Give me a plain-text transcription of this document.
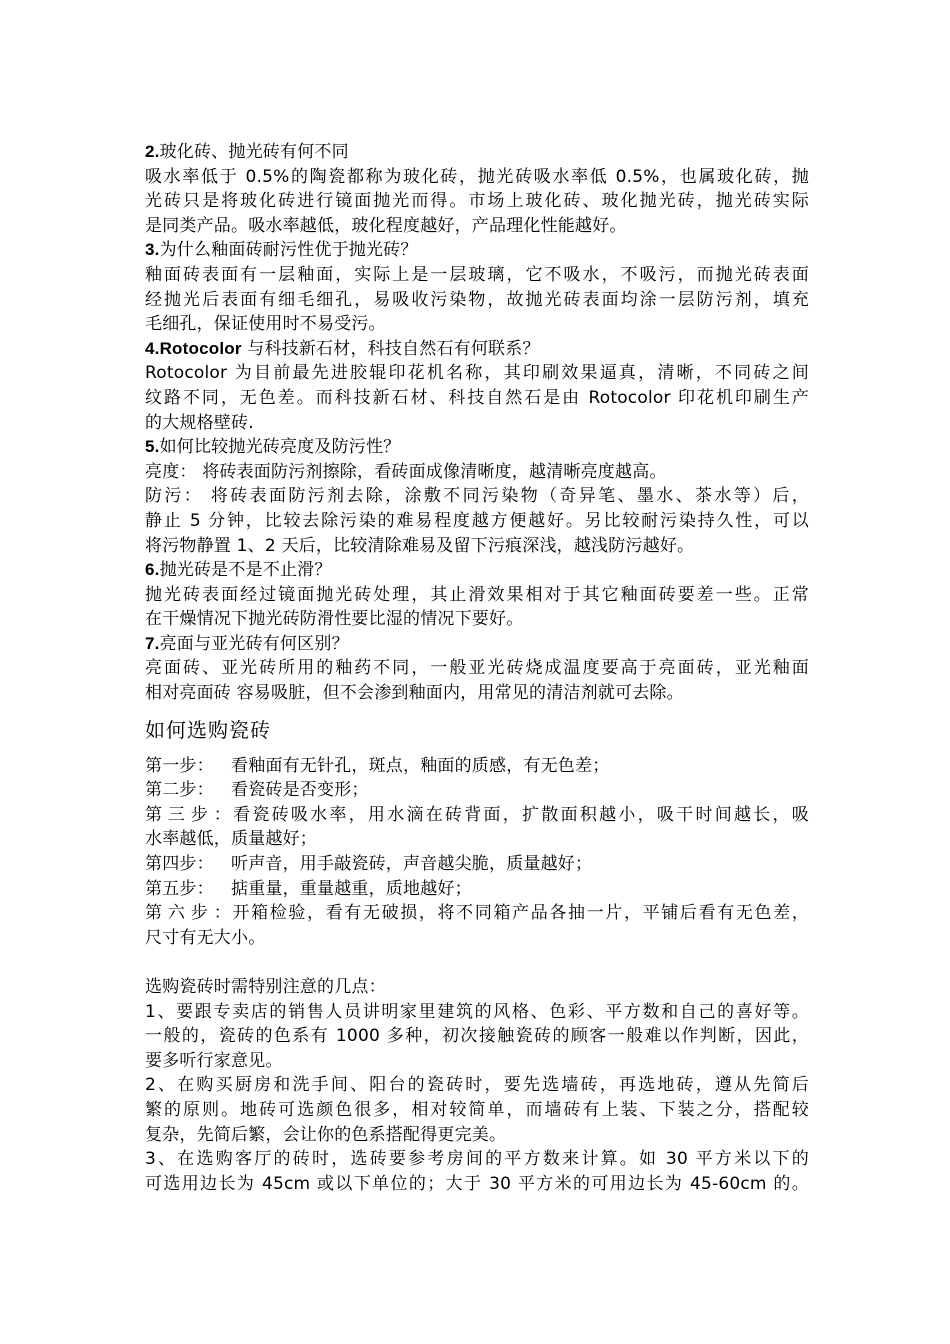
2.玻化砖、抛光砖有何不同
吸水率低于 0.5%的陶瓷都称为玻化砖，抛光砖吸水率低 0.5%，也属玻化砖，抛
光砖只是将玻化砖进行镜面抛光而得。市场上玻化砖、玻化抛光砖，抛光砖实际
是同类产品。吸水率越低，玻化程度越好，产品理化性能越好。
3.为什么釉面砖耐污性优于抛光砖？
釉面砖表面有一层釉面，实际上是一层玻璃，它不吸水，不吸污，而抛光砖表面
经抛光后表面有细毛细孔，易吸收污染物，故抛光砖表面均涂一层防污剂，填充
毛细孔，保证使用时不易受污。
4.Rotocolor 与科技新石材，科技自然石有何联系？
Rotocolor 为目前最先进胶辊印花机名称，其印刷效果逼真，清晰，不同砖之间
纹路不同，无色差。而科技新石材、科技自然石是由 Rotocolor 印花机印刷生产
的大规格壁砖.
5.如何比较抛光砖亮度及防污性？
亮度： 将砖表面防污剂擦除，看砖面成像清晰度，越清晰亮度越高。
防污： 将砖表面防污剂去除，涂敷不同污染物（奇异笔、墨水、茶水等）后，
静止 5 分钟，比较去除污染的难易程度越方便越好。另比较耐污染持久性，可以
将污物静置 1、2 天后，比较清除难易及留下污痕深浅，越浅防污越好。
6.抛光砖是不是不止滑？
抛光砖表面经过镜面抛光砖处理，其止滑效果相对于其它釉面砖要差一些。正常
在干燥情况下抛光砖防滑性要比湿的情况下要好。
7.亮面与亚光砖有何区别？
亮面砖、亚光砖所用的釉药不同，一般亚光砖烧成温度要高于亮面砖，亚光釉面
相对亮面砖 容易吸脏，但不会渗到釉面内，用常见的清洁剂就可去除。
如何选购瓷砖
第一步： 看釉面有无针孔，斑点，釉面的质感，有无色差；
第二步： 看瓷砖是否变形；
第三步：看瓷砖吸水率，用水滴在砖背面，扩散面积越小，吸干时间越长，吸
水率越低，质量越好；
第四步： 听声音，用手敲瓷砖，声音越尖脆，质量越好；
第五步： 掂重量，重量越重，质地越好；
第六步：开箱检验，看有无破损，将不同箱产品各抽一片，平铺后看有无色差，
尺寸有无大小。
选购瓷砖时需特别注意的几点：
1、要跟专卖店的销售人员讲明家里建筑的风格、色彩、平方数和自己的喜好等。
一般的，瓷砖的色系有 1000 多种，初次接触瓷砖的顾客一般难以作判断，因此，
要多听行家意见。
2、在购买厨房和洗手间、阳台的瓷砖时，要先选墙砖，再选地砖，遵从先简后
繁的原则。地砖可选颜色很多，相对较简单，而墙砖有上装、下装之分，搭配较
复杂，先简后繁，会让你的色系搭配得更完美。
3、在选购客厅的砖时，选砖要参考房间的平方数来计算。如 30 平方米以下的
可选用边长为 45cm 或以下单位的；大于 30 平方米的可用边长为 45-60cm 的。
